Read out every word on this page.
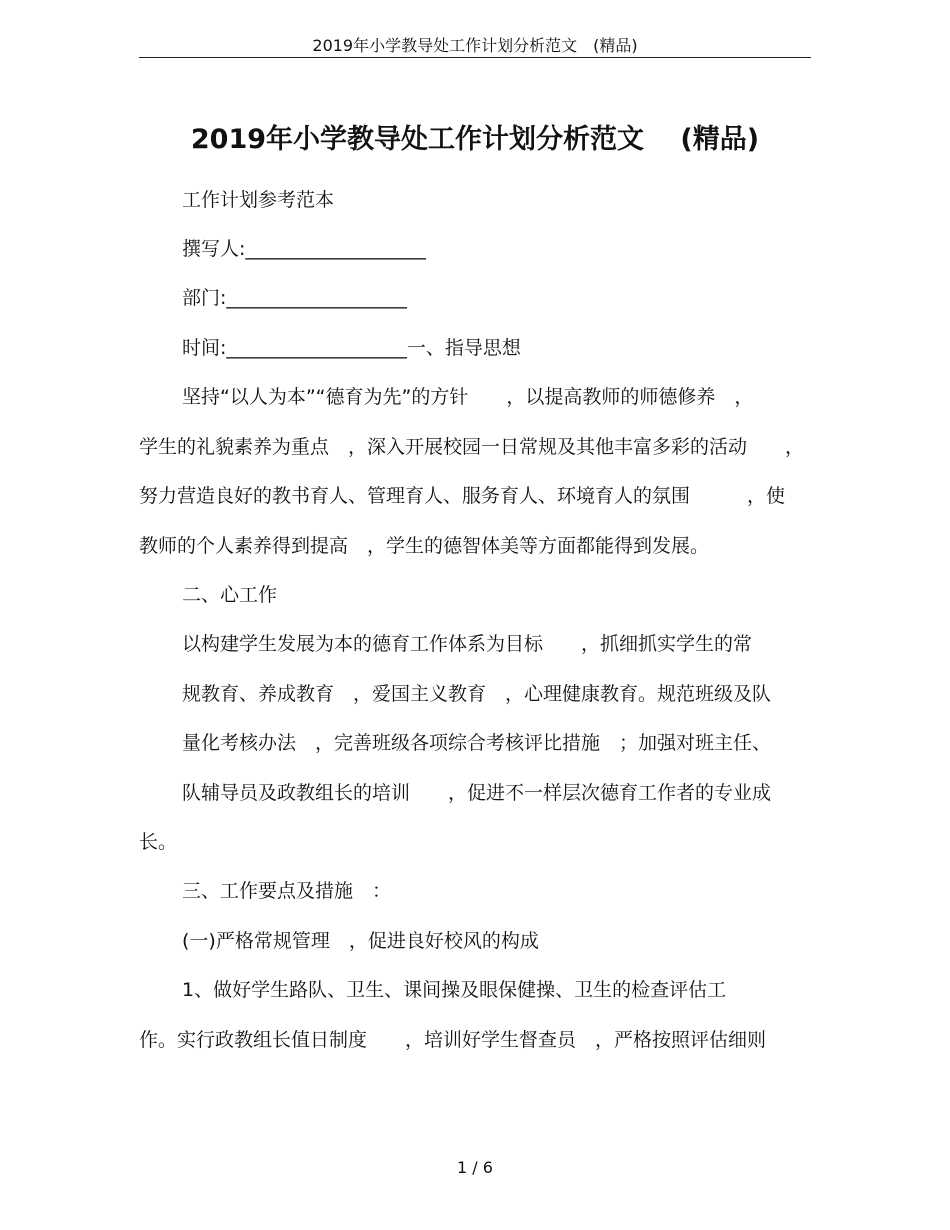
2019年小学教导处工作计划分析范文　(精品)
2019年小学教导处工作计划分析范文　 (精品)
工作计划参考范本
撰写人:___________________
部门:___________________
时间:___________________一、指导思想
坚持“以人为本”“德育为先”的方针　　，以提高教师的师德修养　，
学生的礼貌素养为重点　，深入开展校园一日常规及其他丰富多彩的活动　　，
努力营造良好的教书育人、管理育人、服务育人、环境育人的氛围　　　，使
教师的个人素养得到提高　，学生的德智体美等方面都能得到发展。
二、心工作
以构建学生发展为本的德育工作体系为目标　　，抓细抓实学生的常
规教育、养成教育　，爱国主义教育　，心理健康教育。规范班级及队
量化考核办法　，完善班级各项综合考核评比措施　；加强对班主任、
队辅导员及政教组长的培训　　，促进不一样层次德育工作者的专业成
长。
三、工作要点及措施　：
(一)严格常规管理　，促进良好校风的构成
1、做好学生路队、卫生、课间操及眼保健操、卫生的检查评估工
作。实行政教组长值日制度　　，培训好学生督查员　，严格按照评估细则
1 / 6
